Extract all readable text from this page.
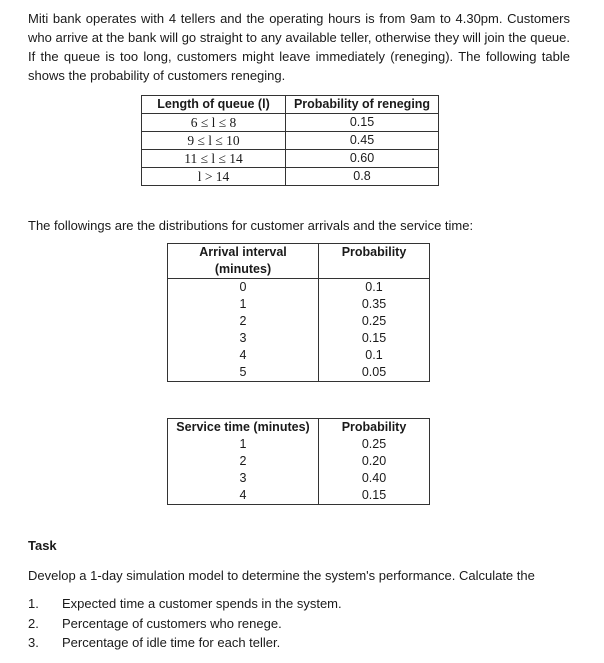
Miti bank operates with 4 tellers and the operating hours is from 9am to 4.30pm. Customers who arrive at the bank will go straight to any available teller, otherwise they will join the queue. If the queue is too long, customers might leave immediately (reneging). The following table shows the probability of customers reneging.

Length of queue (l)	Probability of reneging
6 ≤ l ≤ 8	0.15
9 ≤ l ≤ 10	0.45
11 ≤ l ≤ 14	0.60
l > 14	0.8

The followings are the distributions for customer arrivals and the service time:

Arrival interval (minutes)	Probability
0	0.1
1	0.35
2	0.25
3	0.15
4	0.1
5	0.05
Service time (minutes)	Probability
1	0.25
2	0.20
3	0.40
4	0.15
Task

Develop a 1-day simulation model to determine the system's performance. Calculate the

1. Expected time a customer spends in the system.
2. Percentage of customers who renege.
3. Percentage of idle time for each teller.
